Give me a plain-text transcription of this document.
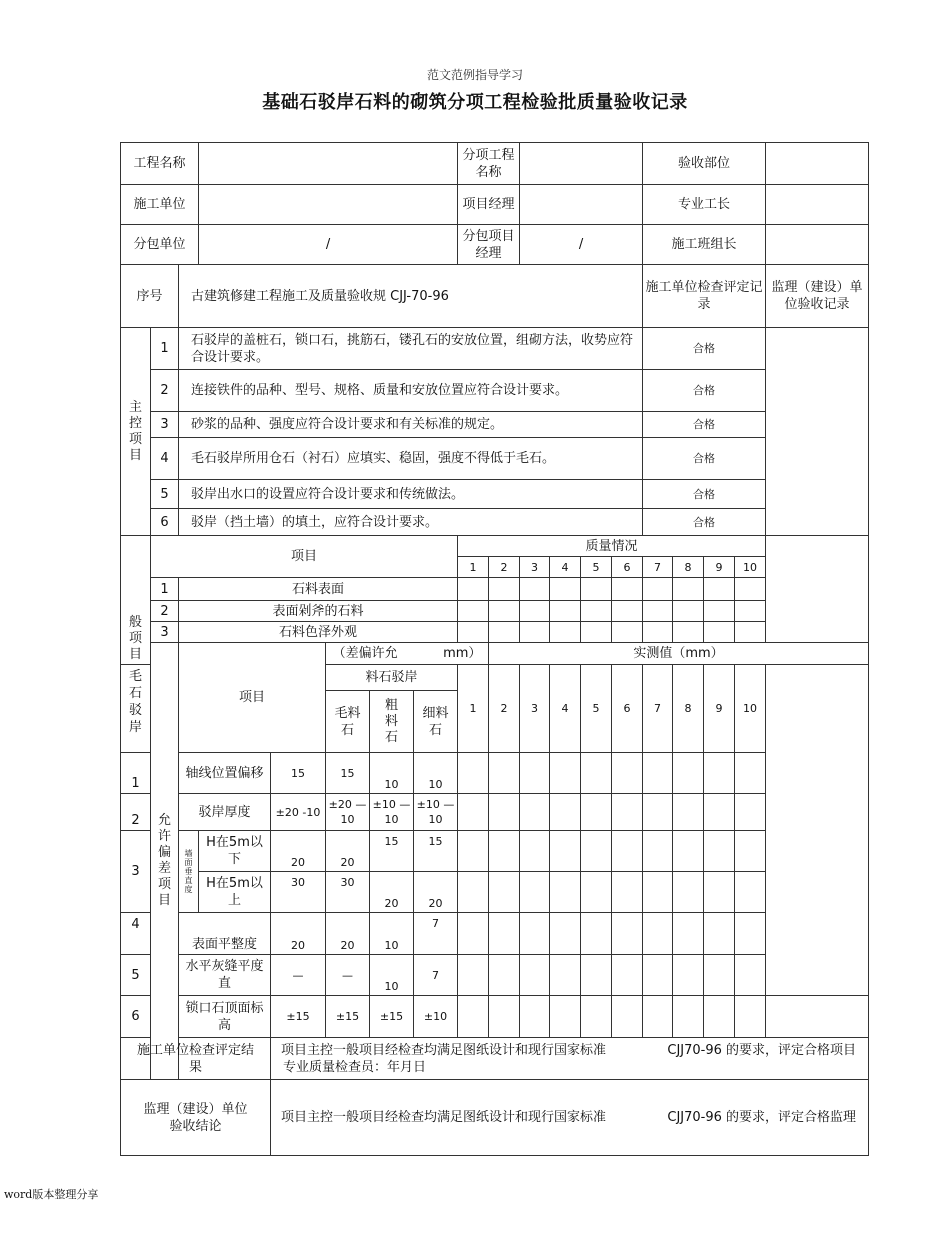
范文范例指导学习
基础石驳岸石料的砌筑分项工程检验批质量验收记录
工程名称								分项工程名称						验收部位					
施工单位								项目经理						专业工长					
分包单位			/					分包项目经理		/				施工班组长					
序号		古建筑修建工程施工及质量验收规 CJJ-70-96												施工单位检查评定记录				监理（建设）单位验收记录	
主控项目	1	石驳岸的盖桩石，锁口石，挑筋石，镂孔石的安放位置，组砌方法，收势应符合设计要求。												合格					
	2	连接铁件的品种、型号、规格、质量和安放位置应符合设计要求。												合格					
	3	砂浆的品种、强度应符合设计要求和有关标准的规定。												合格					
	4	毛石驳岸所用仓石（衬石）应填实、稳固，强度不得低于毛石。												合格					
	5	驳岸出水口的设置应符合设计要求和传统做法。												合格					
	6	驳岸（挡土墙）的填土，应符合设计要求。												合格					
般项目	项目							质量情况											
								1	2	3	4	5	6	7	8	9	10		
	1	石料表面																	
	2	表面剁斧的石料																	
	3	石料色泽外观																	
	允许偏差项目	项目			（差偏许允 mm）				实测值（mm）										
毛石驳岸					料石驳岸			1	2	3	4	5	6	7	8	9	10		
					毛料石	粗料石	细料石												
1		轴线位置偏移		15	15	10	10												
2		驳岸厚度		±20 -10	±20 —10	±10 —10	±10 —10												
3		墙面垂直度	H在5m以下	20	20	15	15												
			H在5m以上	30	30	20	20												
4		表面平整度		20	20	10	7												
5		水平灰缝平度直		—	—	10	7												
6		锁口石顶面标高		±15	±15	±15	±10												
施工单位检查评定结果				项目主控一般项目经检查均满足图纸设计和现行国家标准 CJJ70-96 的要求，评定合格项目
专业质量检查员：年月日															

监理（建设）单位验收结论				项目主控一般项目经检查均满足图纸设计和现行国家标准 CJJ70-96 的要求，评定合格监理															
word版本整理分享
